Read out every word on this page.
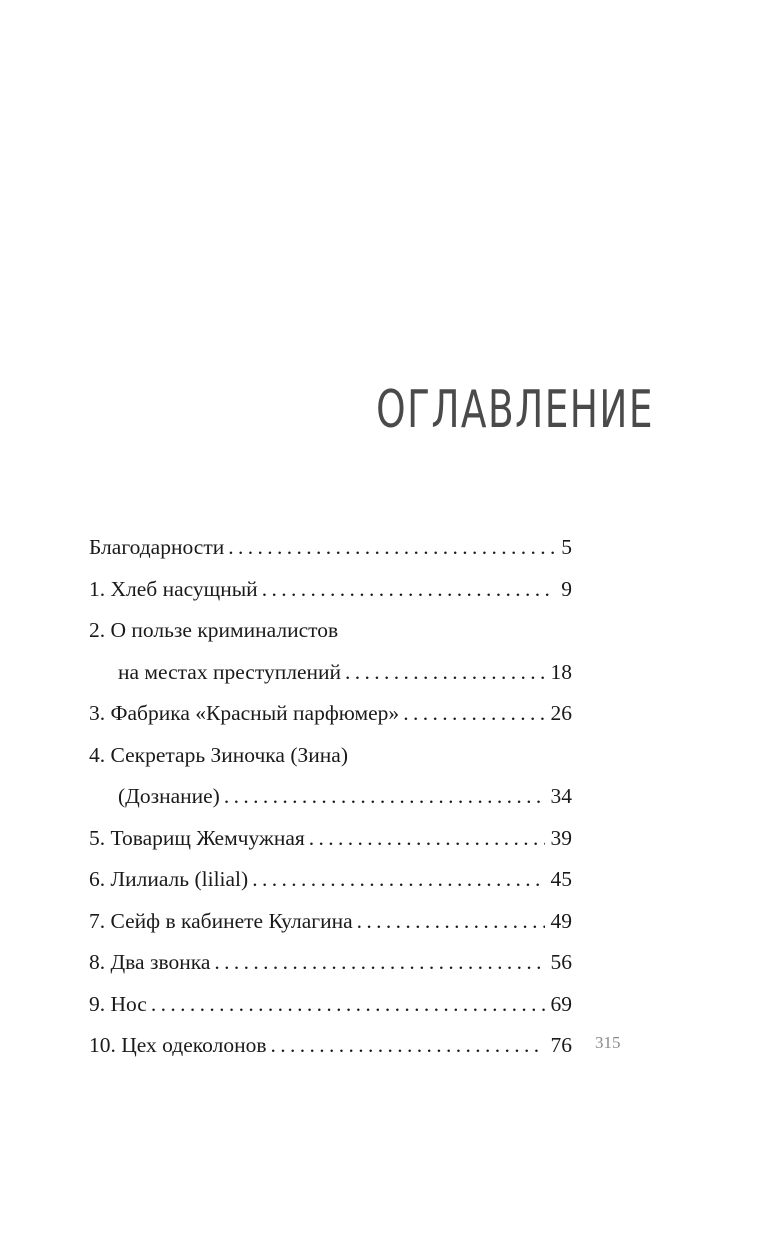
ОГЛАВЛЕНИЕ
Благодарности . . .	5
1. Хлеб насущный . . .	9
2. О пользе криминалистов
на местах преступлений . . .	18
3. Фабрика «Красный парфюмер» . . .	26
4. Секретарь Зиночка (Зина)
(Дознание) . . .	34
5. Товарищ Жемчужная . . .	39
6. Лилиаль (lilial) . . .	45
7. Сейф в кабинете Кулагина . . .	49
8. Два звонка . . .	56
9. Нос . . .	69
10. Цех одеколонов . . .	76 315
